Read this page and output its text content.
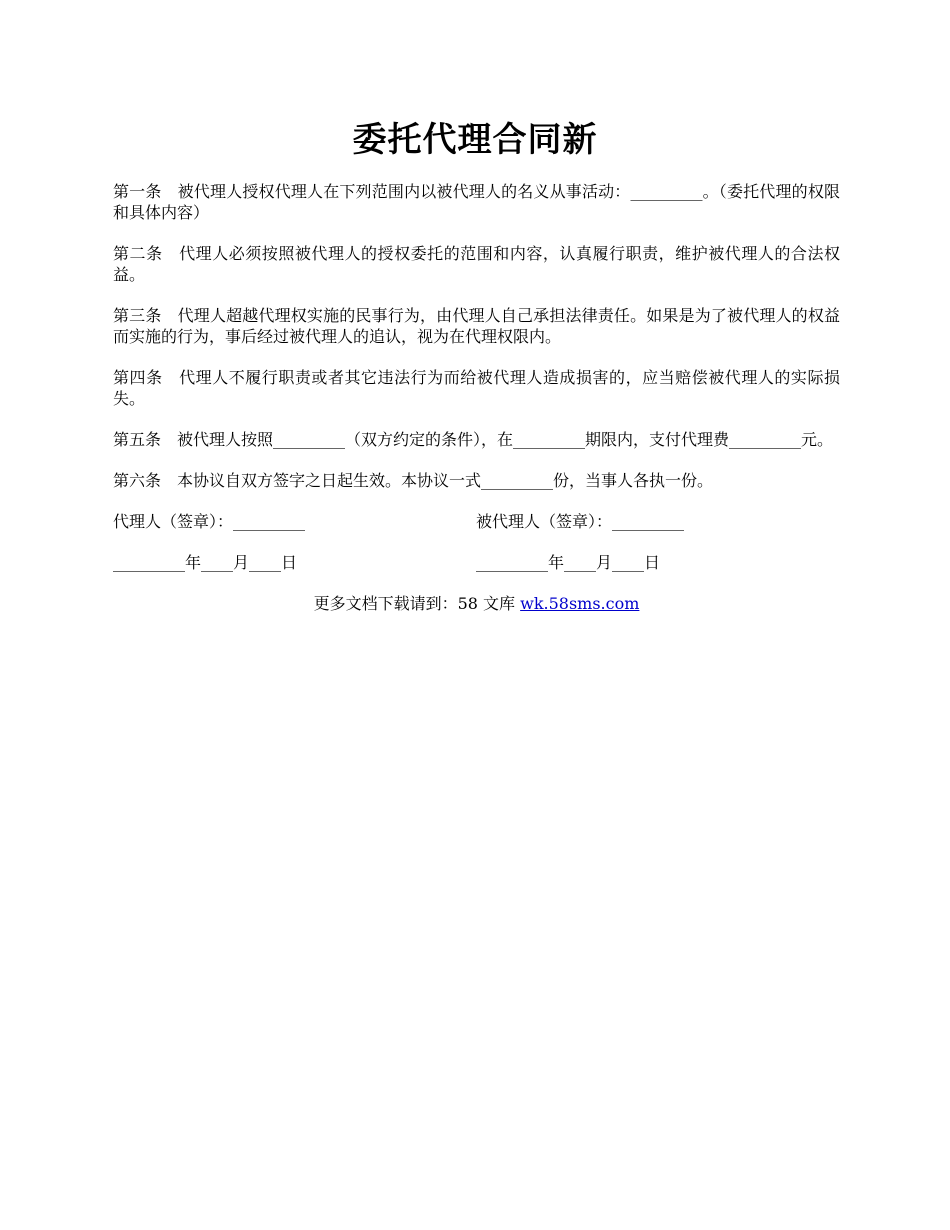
委托代理合同新

第一条　被代理人授权代理人在下列范围内以被代理人的名义从事活动：_________。（委托代理的权限和具体内容）

第二条　代理人必须按照被代理人的授权委托的范围和内容，认真履行职责，维护被代理人的合法权益。

第三条　代理人超越代理权实施的民事行为，由代理人自己承担法律责任。如果是为了被代理人的权益而实施的行为，事后经过被代理人的追认，视为在代理权限内。

第四条　代理人不履行职责或者其它违法行为而给被代理人造成损害的，应当赔偿被代理人的实际损失。

第五条　被代理人按照_________（双方约定的条件），在_________期限内，支付代理费_________元。

第六条　本协议自双方签字之日起生效。本协议一式_________份，当事人各执一份。

代理人（签章）：_________	被代理人（签章）：_________
_________年____月____日	_________年____月____日

更多文档下载请到：58 文库 wk.58sms.com
